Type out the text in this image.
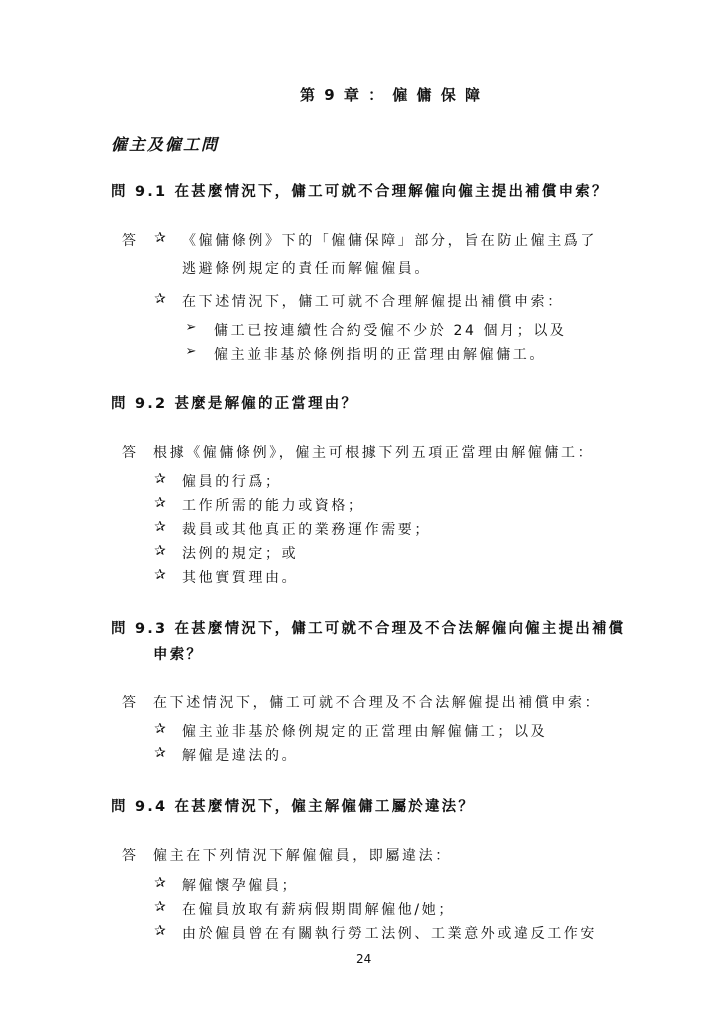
第 9 章 ： 僱 傭 保 障
僱主及僱工問
問 9.1 在甚麼情況下，傭工可就不合理解僱向僱主提出補償申索？
答 ✰ 《僱傭條例》下的「僱傭保障」部分，旨在防止僱主爲了
逃避條例規定的責任而解僱僱員。
✰ 在下述情況下，傭工可就不合理解僱提出補償申索：
➢ 傭工已按連續性合約受僱不少於 24 個月；以及
➢ 僱主並非基於條例指明的正當理由解僱傭工。
問 9.2 甚麼是解僱的正當理由？
答 根據《僱傭條例》，僱主可根據下列五項正當理由解僱傭工：
✰ 僱員的行爲；
✰ 工作所需的能力或資格；
✰ 裁員或其他真正的業務運作需要；
✰ 法例的規定；或
✰ 其他實質理由。
問 9.3 在甚麼情況下，傭工可就不合理及不合法解僱向僱主提出補償
申索？
答 在下述情況下，傭工可就不合理及不合法解僱提出補償申索：
✰ 僱主並非基於條例規定的正當理由解僱傭工；以及
✰ 解僱是違法的。
問 9.4 在甚麼情況下，僱主解僱傭工屬於違法？
答 僱主在下列情況下解僱僱員，即屬違法：
✰ 解僱懷孕僱員；
✰ 在僱員放取有薪病假期間解僱他/她；
✰ 由於僱員曾在有關執行勞工法例、工業意外或違反工作安
24
